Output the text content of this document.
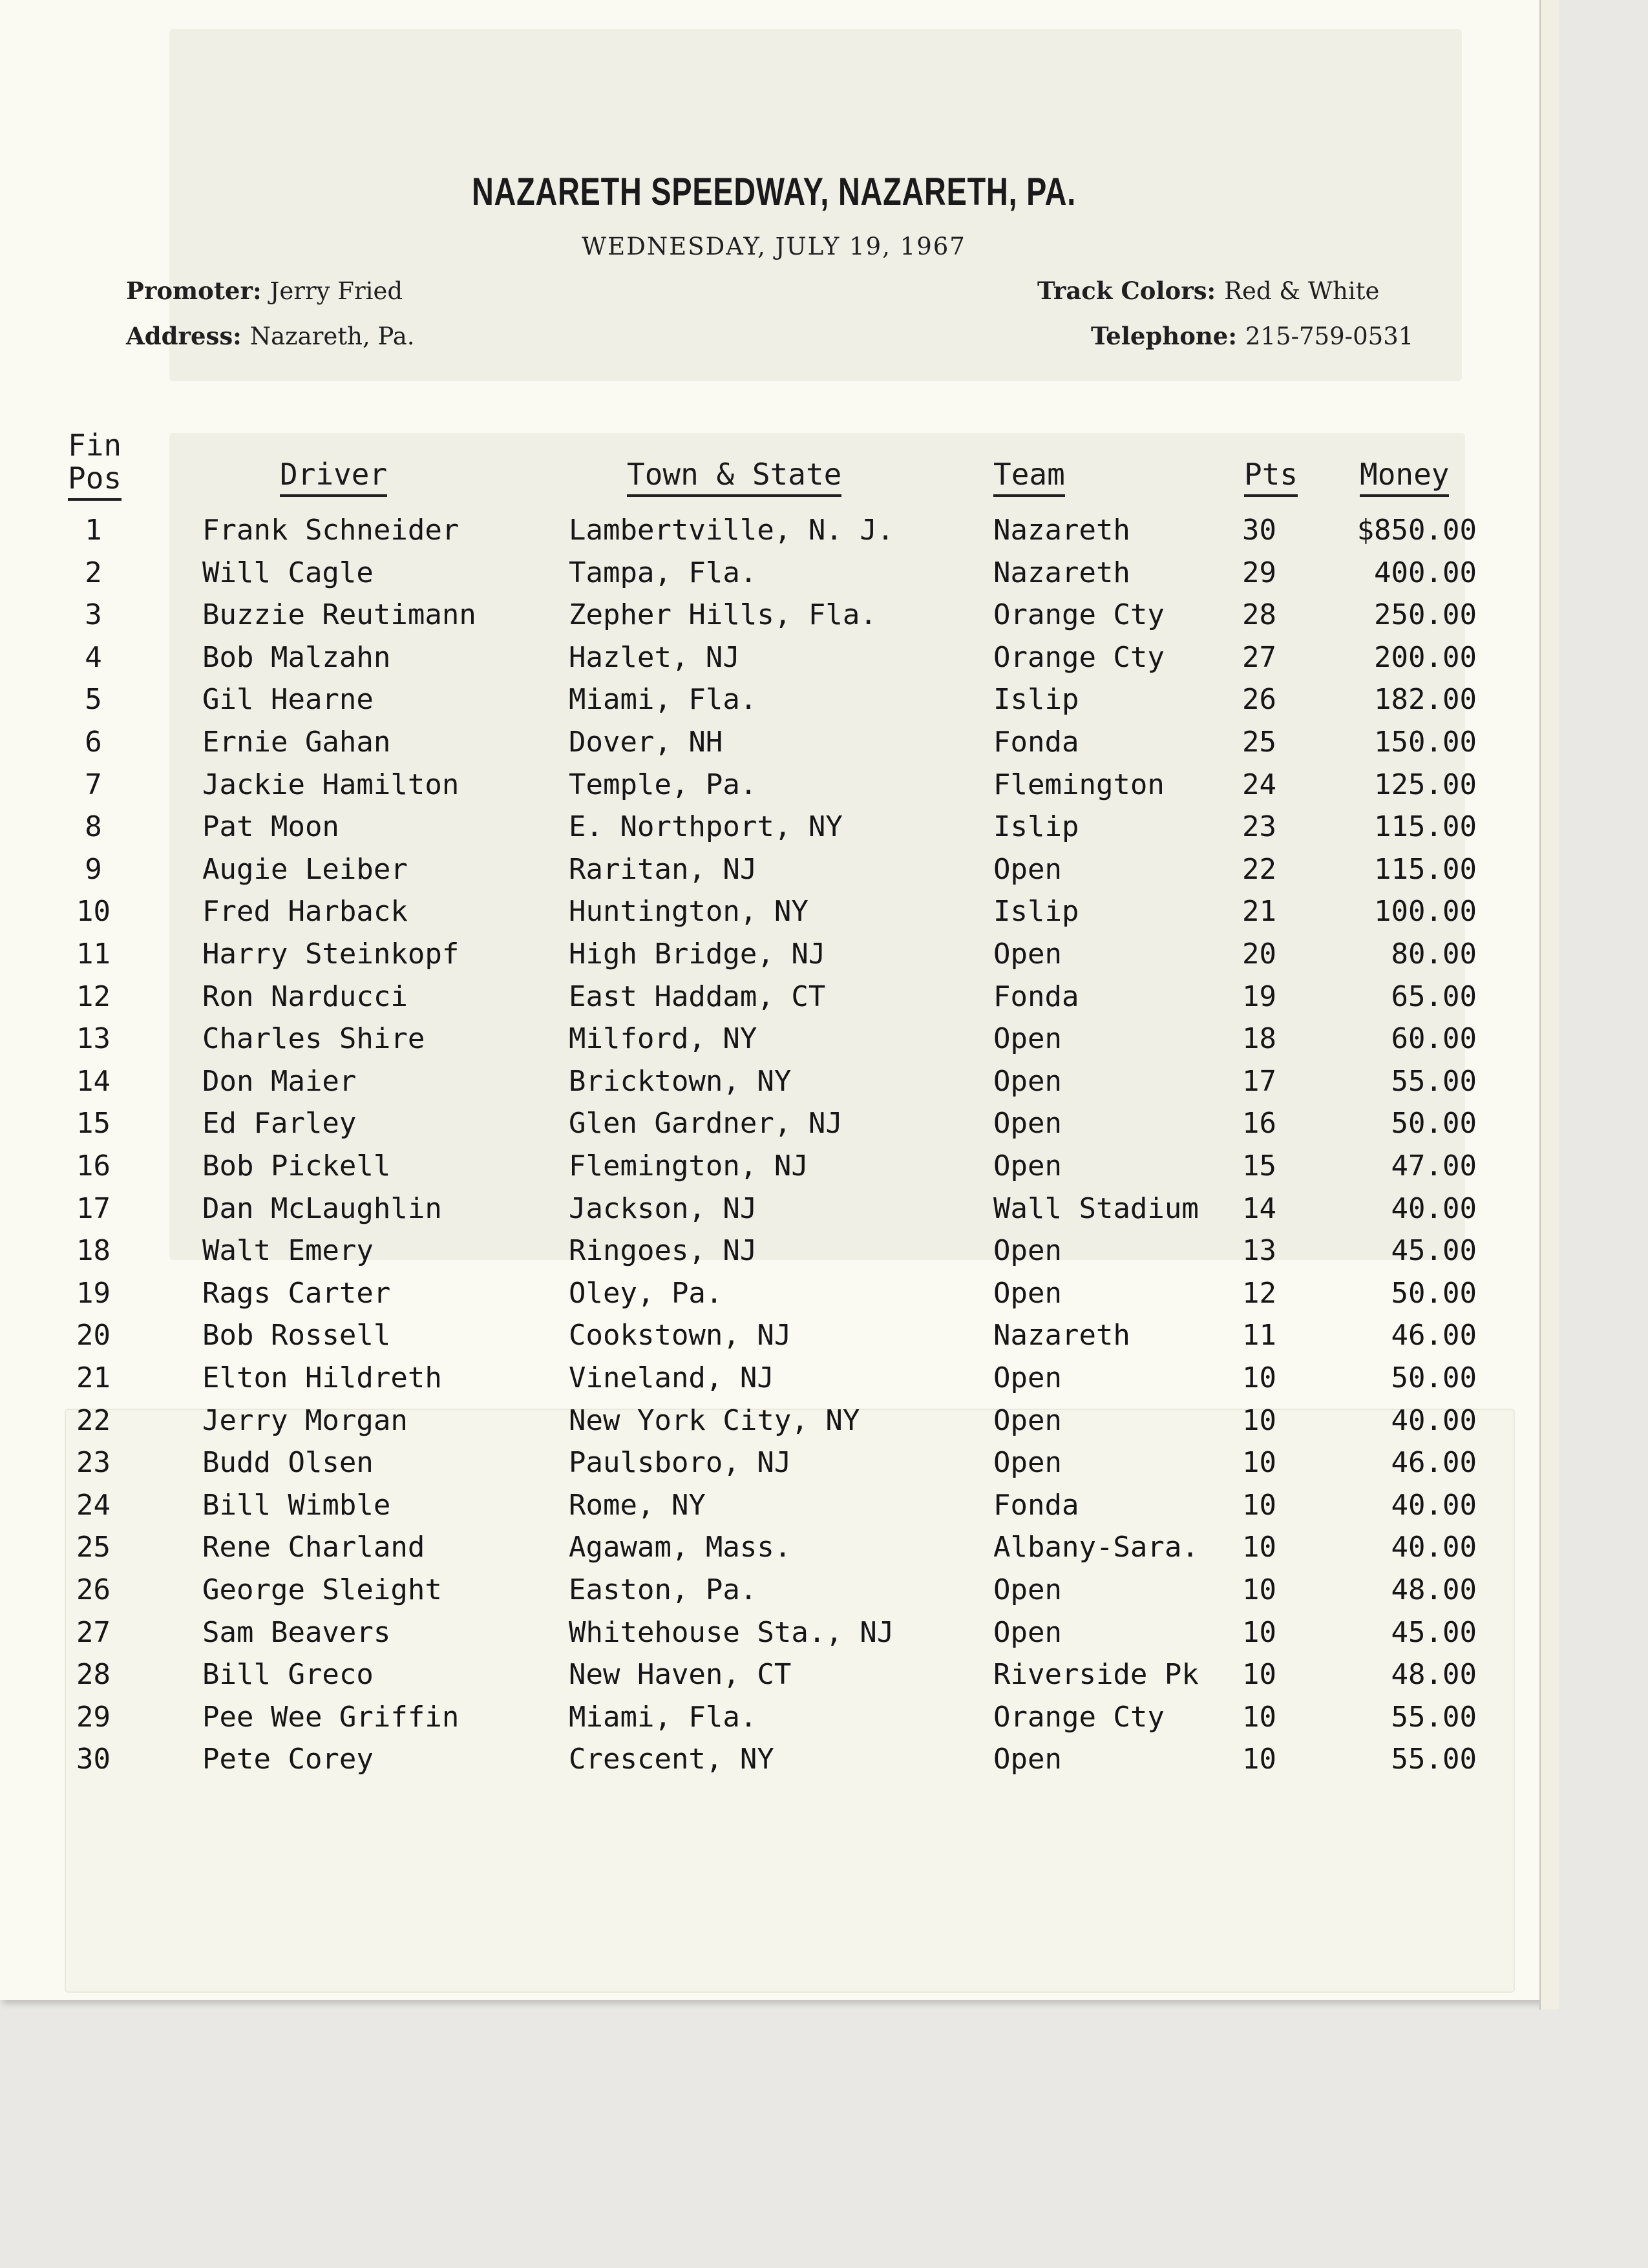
NAZARETH SPEEDWAY, NAZARETH, PA.
WEDNESDAY, JULY 19, 1967
Promoter: Jerry Fried
Address: Nazareth, Pa.
Track Colors: Red & White
Telephone: 215-759-0531
Fin
Pos	Driver	Town & State	Team	Pts Money
1	Frank Schneider	Lambertville, N. J.	Nazareth	30	$850.00
2	Will Cagle	Tampa, Fla.	Nazareth	29	400.00
3	Buzzie Reutimann	Zepher Hills, Fla.	Orange Cty	28	250.00
4	Bob Malzahn	Hazlet, NJ	Orange Cty	27	200.00
5	Gil Hearne	Miami, Fla.	Islip	26	182.00
6	Ernie Gahan	Dover, NH	Fonda	25	150.00
7	Jackie Hamilton	Temple, Pa.	Flemington	24	125.00
8	Pat Moon	E. Northport, NY	Islip	23	115.00
9	Augie Leiber	Raritan, NJ	Open	22	115.00
10	Fred Harback	Huntington, NY	Islip	21	100.00
11	Harry Steinkopf	High Bridge, NJ	Open	20	80.00
12	Ron Narducci	East Haddam, CT	Fonda	19	65.00
13	Charles Shire	Milford, NY	Open	18	60.00
14	Don Maier	Bricktown, NY	Open	17	55.00
15	Ed Farley	Glen Gardner, NJ	Open	16	50.00
16	Bob Pickell	Flemington, NJ	Open	15	47.00
17	Dan McLaughlin	Jackson, NJ	Wall Stadium 14	40.00
18	Walt Emery	Ringoes, NJ	Open	13	45.00
19	Rags Carter	Oley, Pa.	Open	12	50.00
20	Bob Rossell	Cookstown, NJ	Nazareth	11	46.00
21	Elton Hildreth	Vineland, NJ	Open	10	50.00
22	Jerry Morgan	New York City, NY	Open	10	40.00
23	Budd Olsen	Paulsboro, NJ	Open	10	46.00
24	Bill Wimble	Rome, NY	Fonda	10	40.00
25	Rene Charland	Agawam, Mass.	Albany-Sara. 10	40.00
26	George Sleight	Easton, Pa.	Open	10	48.00
27	Sam Beavers	Whitehouse Sta., NJ	Open	10	45.00
28	Bill Greco	New Haven, CT	Riverside Pk 10	48.00
29	Pee Wee Griffin	Miami, Fla.	Orange Cty	10	55.00
30	Pete Corey	Crescent, NY	Open	10	55.00
